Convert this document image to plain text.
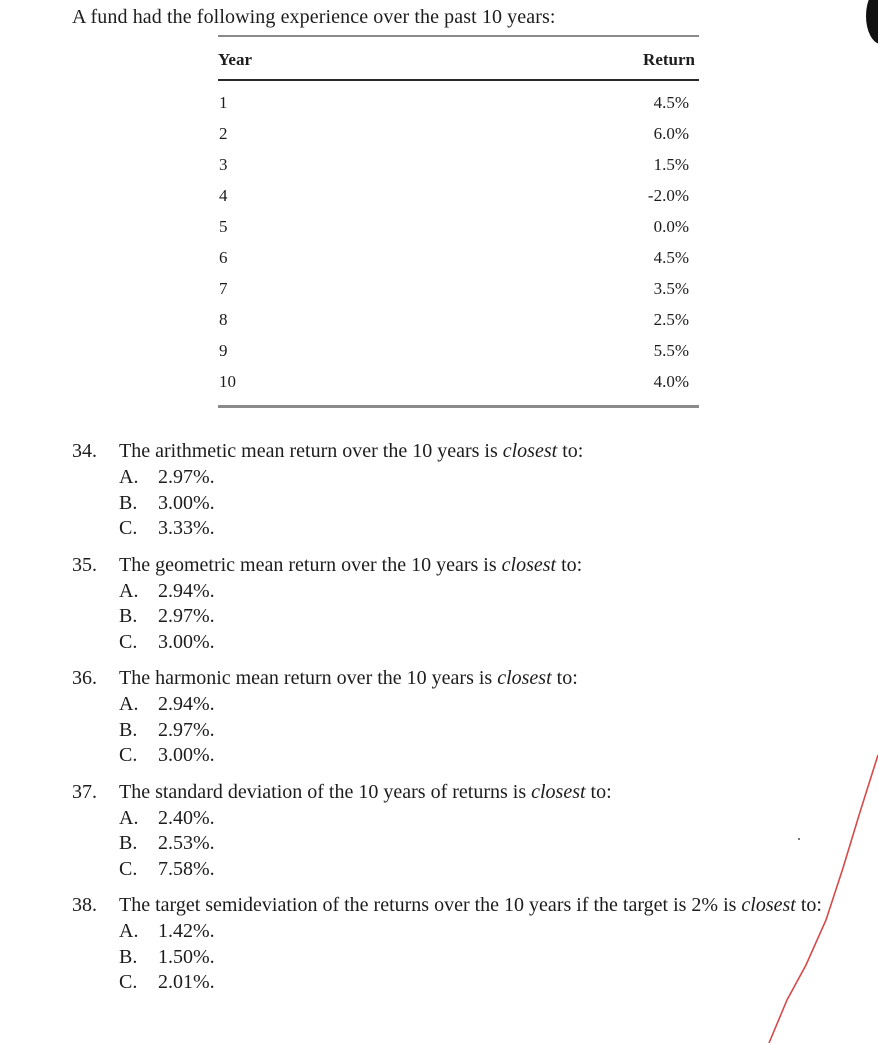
A fund had the following experience over the past 10 years:
Year	Return
1	4.5%
2	6.0%
3	1.5%
4	-2.0%
5	0.0%
6	4.5%
7	3.5%
8	2.5%
9	5.5%
10	4.0%
34. The arithmetic mean return over the 10 years is closest to:
A. 2.97%.
B. 3.00%.
C. 3.33%.
35. The geometric mean return over the 10 years is closest to:
A. 2.94%.
B. 2.97%.
C. 3.00%.
36. The harmonic mean return over the 10 years is closest to:
A. 2.94%.
B. 2.97%.
C. 3.00%.
37. The standard deviation of the 10 years of returns is closest to:
A. 2.40%.
B. 2.53%.
C. 7.58%.
38. The target semideviation of the returns over the 10 years if the target is 2% is closest to:
A. 1.42%.
B. 1.50%.
C. 2.01%.
